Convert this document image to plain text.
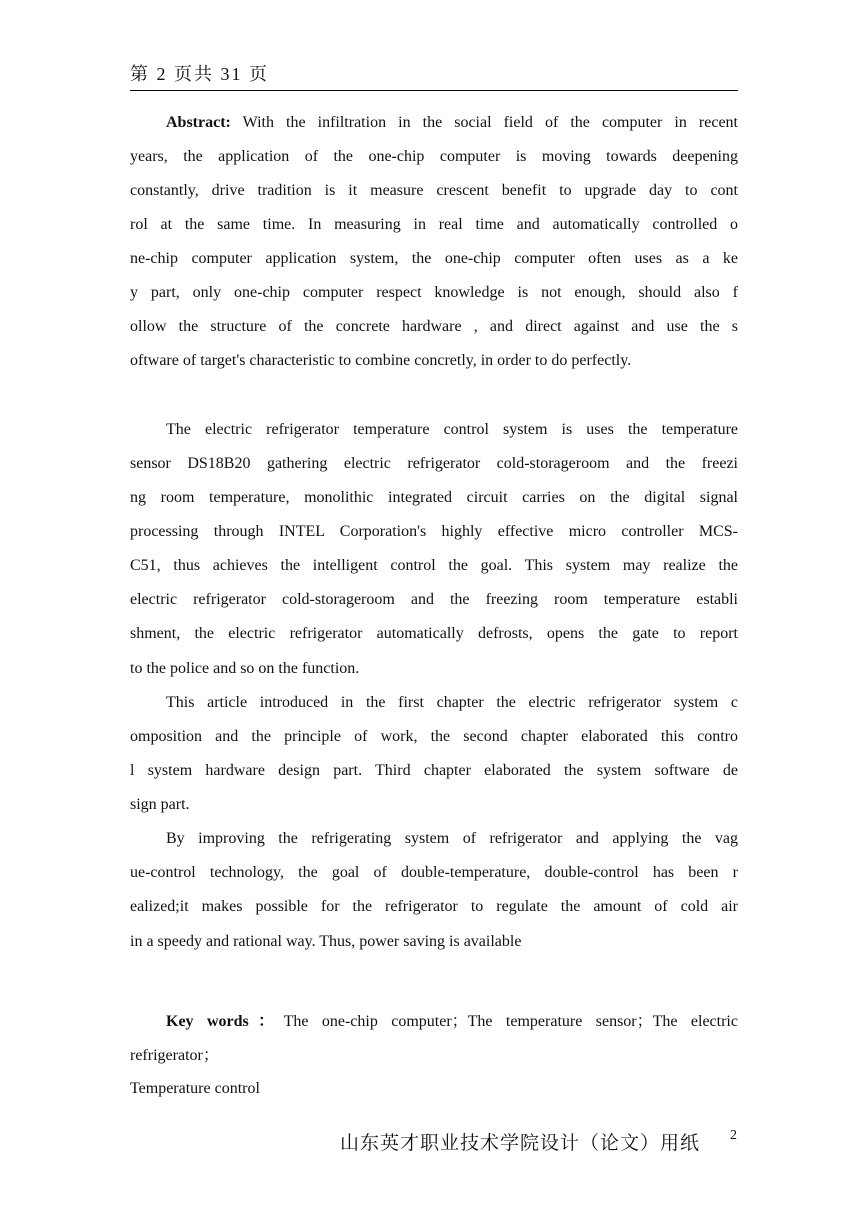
第 2 页共 31 页
Abstract: With the infiltration in the social field of the computer in recent
years, the application of the one-chip computer is moving towards deepening
constantly, drive tradition is it measure crescent benefit to upgrade day to cont
rol at the same time. In measuring in real time and automatically controlled o
ne-chip computer application system, the one-chip computer often uses as a ke
y part, only one-chip computer respect knowledge is not enough, should also f
ollow the structure of the concrete hardware , and direct against and use the s
oftware of target's characteristic to combine concretly, in order to do perfectly.
The electric refrigerator temperature control system is uses the temperature
sensor DS18B20 gathering electric refrigerator cold-storageroom and the freezi
ng room temperature, monolithic integrated circuit carries on the digital signal
processing through INTEL Corporation's highly effective micro controller MCS-
C51, thus achieves the intelligent control the goal. This system may realize the
electric refrigerator cold-storageroom and the freezing room temperature establi
shment, the electric refrigerator automatically defrosts, opens the gate to report
to the police and so on the function.
This article introduced in the first chapter the electric refrigerator system c
omposition and the principle of work, the second chapter elaborated this contro
l system hardware design part. Third chapter elaborated the system software de
sign part.
By improving the refrigerating system of refrigerator and applying the vag
ue-control technology, the goal of double-temperature, double-control has been r
ealized;it makes possible for the refrigerator to regulate the amount of cold air
in a speedy and rational way. Thus, power saving is available
Key words：The one-chip computer；The temperature sensor；The electric
refrigerator；
Temperature control
山东英才职业技术学院设计（论文）用纸 2
